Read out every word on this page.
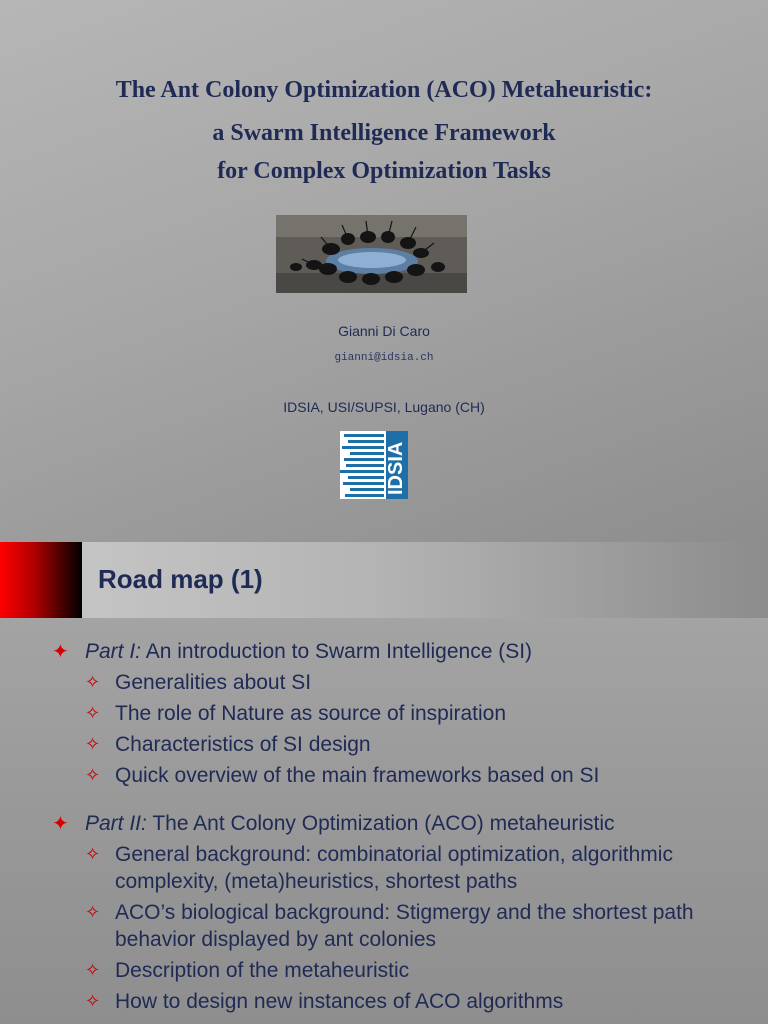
The Ant Colony Optimization (ACO) Metaheuristic:

a Swarm Intelligence Framework

for Complex Optimization Tasks

Gianni Di Caro

gianni@idsia.ch

IDSIA, USI/SUPSI, Lugano (CH)

IDSIA
Road map (1)
✦ Part I: An introduction to Swarm Intelligence (SI)
✧ Generalities about SI
✧ The role of Nature as source of inspiration
✧ Characteristics of SI design
✧ Quick overview of the main frameworks based on SI
✦ Part II: The Ant Colony Optimization (ACO) metaheuristic
✧ General background: combinatorial optimization, algorithmic complexity, (meta)heuristics, shortest paths
✧ ACO’s biological background: Stigmergy and the shortest path behavior displayed by ant colonies
✧ Description of the metaheuristic
✧ How to design new instances of ACO algorithms
